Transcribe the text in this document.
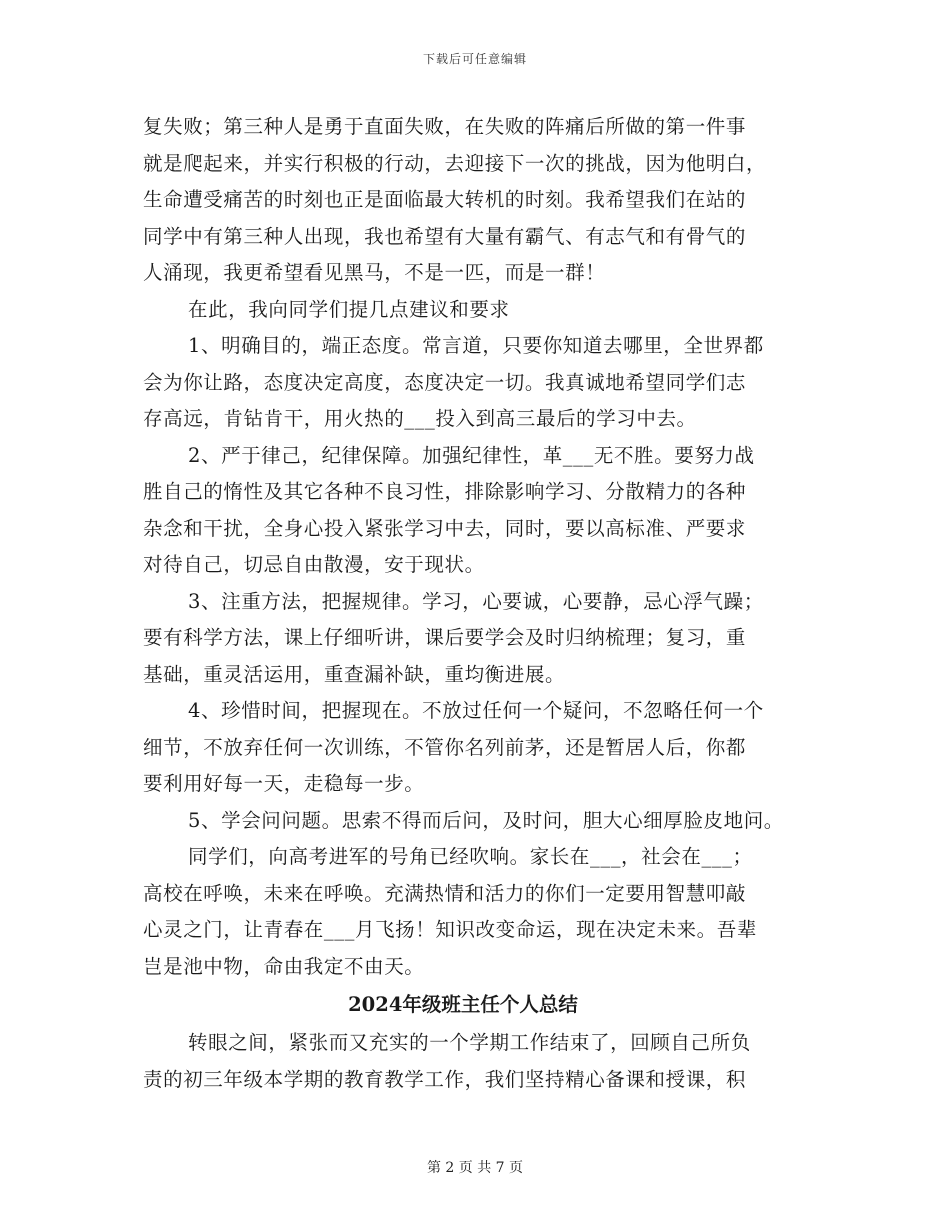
下载后可任意编辑
复失败；第三种人是勇于直面失败，在失败的阵痛后所做的第一件事
就是爬起来，并实行积极的行动，去迎接下一次的挑战，因为他明白，
生命遭受痛苦的时刻也正是面临最大转机的时刻。我希望我们在站的
同学中有第三种人出现，我也希望有大量有霸气、有志气和有骨气的
人涌现，我更希望看见黑马，不是一匹，而是一群！
在此，我向同学们提几点建议和要求
1、明确目的，端正态度。常言道，只要你知道去哪里，全世界都
会为你让路，态度决定高度，态度决定一切。我真诚地希望同学们志
存高远，肯钻肯干，用火热的___投入到高三最后的学习中去。
2、严于律己，纪律保障。加强纪律性，革___无不胜。要努力战
胜自己的惰性及其它各种不良习性，排除影响学习、分散精力的各种
杂念和干扰，全身心投入紧张学习中去，同时，要以高标准、严要求
对待自己，切忌自由散漫，安于现状。
3、注重方法，把握规律。学习，心要诚，心要静，忌心浮气躁；
要有科学方法，课上仔细听讲，课后要学会及时归纳梳理；复习，重
基础，重灵活运用，重查漏补缺，重均衡进展。
4、珍惜时间，把握现在。不放过任何一个疑问，不忽略任何一个
细节，不放弃任何一次训练，不管你名列前茅，还是暂居人后，你都
要利用好每一天，走稳每一步。
5、学会问问题。思索不得而后问，及时问，胆大心细厚脸皮地问。
同学们，向高考进军的号角已经吹响。家长在___，社会在___；
高校在呼唤，未来在呼唤。充满热情和活力的你们一定要用智慧叩敲
心灵之门，让青春在___月飞扬！知识改变命运，现在决定未来。吾辈
岂是池中物，命由我定不由天。
2024年级班主任个人总结
转眼之间，紧张而又充实的一个学期工作结束了，回顾自己所负
责的初三年级本学期的教育教学工作，我们坚持精心备课和授课，积
第 2 页 共 7 页
